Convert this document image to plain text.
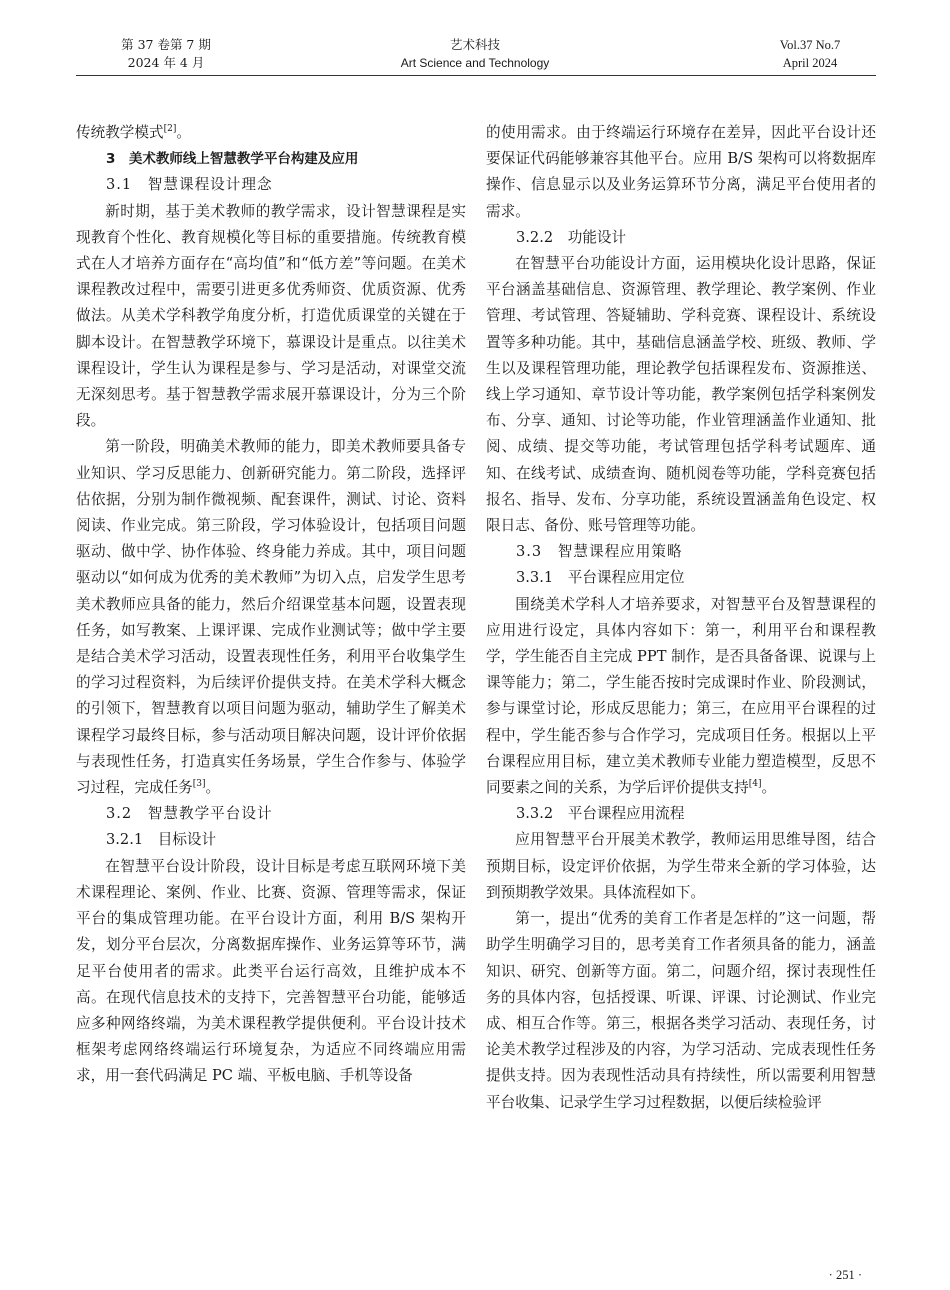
第 37 卷第 7 期
2024 年 4 月
艺术科技
Art Science and Technology
Vol.37 No.7
April 2024

传统教学模式[2]。

3　美术教师线上智慧教学平台构建及应用
3.1　智慧课程设计理念

新时期，基于美术教师的教学需求，设计智慧课程是实现教育个性化、教育规模化等目标的重要措施。传统教育模式在人才培养方面存在“高均值”和“低方差”等问题。在美术课程教改过程中，需要引进更多优秀师资、优质资源、优秀做法。从美术学科教学角度分析，打造优质课堂的关键在于脚本设计。在智慧教学环境下，慕课设计是重点。以往美术课程设计，学生认为课程是参与、学习是活动，对课堂交流无深刻思考。基于智慧教学需求展开慕课设计，分为三个阶段。

第一阶段，明确美术教师的能力，即美术教师要具备专业知识、学习反思能力、创新研究能力。第二阶段，选择评估依据，分别为制作微视频、配套课件，测试、讨论、资料阅读、作业完成。第三阶段，学习体验设计，包括项目问题驱动、做中学、协作体验、终身能力养成。其中，项目问题驱动以“如何成为优秀的美术教师”为切入点，启发学生思考美术教师应具备的能力，然后介绍课堂基本问题，设置表现任务，如写教案、上课评课、完成作业测试等；做中学主要是结合美术学习活动，设置表现性任务，利用平台收集学生的学习过程资料，为后续评价提供支持。在美术学科大概念的引领下，智慧教育以项目问题为驱动，辅助学生了解美术课程学习最终目标，参与活动项目解决问题，设计评价依据与表现性任务，打造真实任务场景，学生合作参与、体验学习过程，完成任务[3]。

3.2　智慧教学平台设计
3.2.1　目标设计

在智慧平台设计阶段，设计目标是考虑互联网环境下美术课程理论、案例、作业、比赛、资源、管理等需求，保证平台的集成管理功能。在平台设计方面，利用 B/S 架构开发，划分平台层次，分离数据库操作、业务运算等环节，满足平台使用者的需求。此类平台运行高效，且维护成本不高。在现代信息技术的支持下，完善智慧平台功能，能够适应多种网络终端，为美术课程教学提供便利。平台设计技术框架考虑网络终端运行环境复杂，为适应不同终端应用需求，用一套代码满足 PC 端、平板电脑、手机等设备

的使用需求。由于终端运行环境存在差异，因此平台设计还要保证代码能够兼容其他平台。应用 B/S 架构可以将数据库操作、信息显示以及业务运算环节分离，满足平台使用者的需求。

3.2.2　功能设计

在智慧平台功能设计方面，运用模块化设计思路，保证平台涵盖基础信息、资源管理、教学理论、教学案例、作业管理、考试管理、答疑辅助、学科竞赛、课程设计、系统设置等多种功能。其中，基础信息涵盖学校、班级、教师、学生以及课程管理功能，理论教学包括课程发布、资源推送、线上学习通知、章节设计等功能，教学案例包括学科案例发布、分享、通知、讨论等功能，作业管理涵盖作业通知、批阅、成绩、提交等功能，考试管理包括学科考试题库、通知、在线考试、成绩查询、随机阅卷等功能，学科竞赛包括报名、指导、发布、分享功能，系统设置涵盖角色设定、权限日志、备份、账号管理等功能。

3.3　智慧课程应用策略
3.3.1　平台课程应用定位

围绕美术学科人才培养要求，对智慧平台及智慧课程的应用进行设定，具体内容如下：第一，利用平台和课程教学，学生能否自主完成 PPT 制作，是否具备备课、说课与上课等能力；第二，学生能否按时完成课时作业、阶段测试，参与课堂讨论，形成反思能力；第三，在应用平台课程的过程中，学生能否参与合作学习，完成项目任务。根据以上平台课程应用目标，建立美术教师专业能力塑造模型，反思不同要素之间的关系，为学后评价提供支持[4]。

3.3.2　平台课程应用流程

应用智慧平台开展美术教学，教师运用思维导图，结合预期目标，设定评价依据，为学生带来全新的学习体验，达到预期教学效果。具体流程如下。

第一，提出“优秀的美育工作者是怎样的”这一问题，帮助学生明确学习目的，思考美育工作者须具备的能力，涵盖知识、研究、创新等方面。第二，问题介绍，探讨表现性任务的具体内容，包括授课、听课、评课、讨论测试、作业完成、相互合作等。第三，根据各类学习活动、表现任务，讨论美术教学过程涉及的内容，为学习活动、完成表现性任务提供支持。因为表现性活动具有持续性，所以需要利用智慧平台收集、记录学生学习过程数据，以便后续检验评

· 251 ·
